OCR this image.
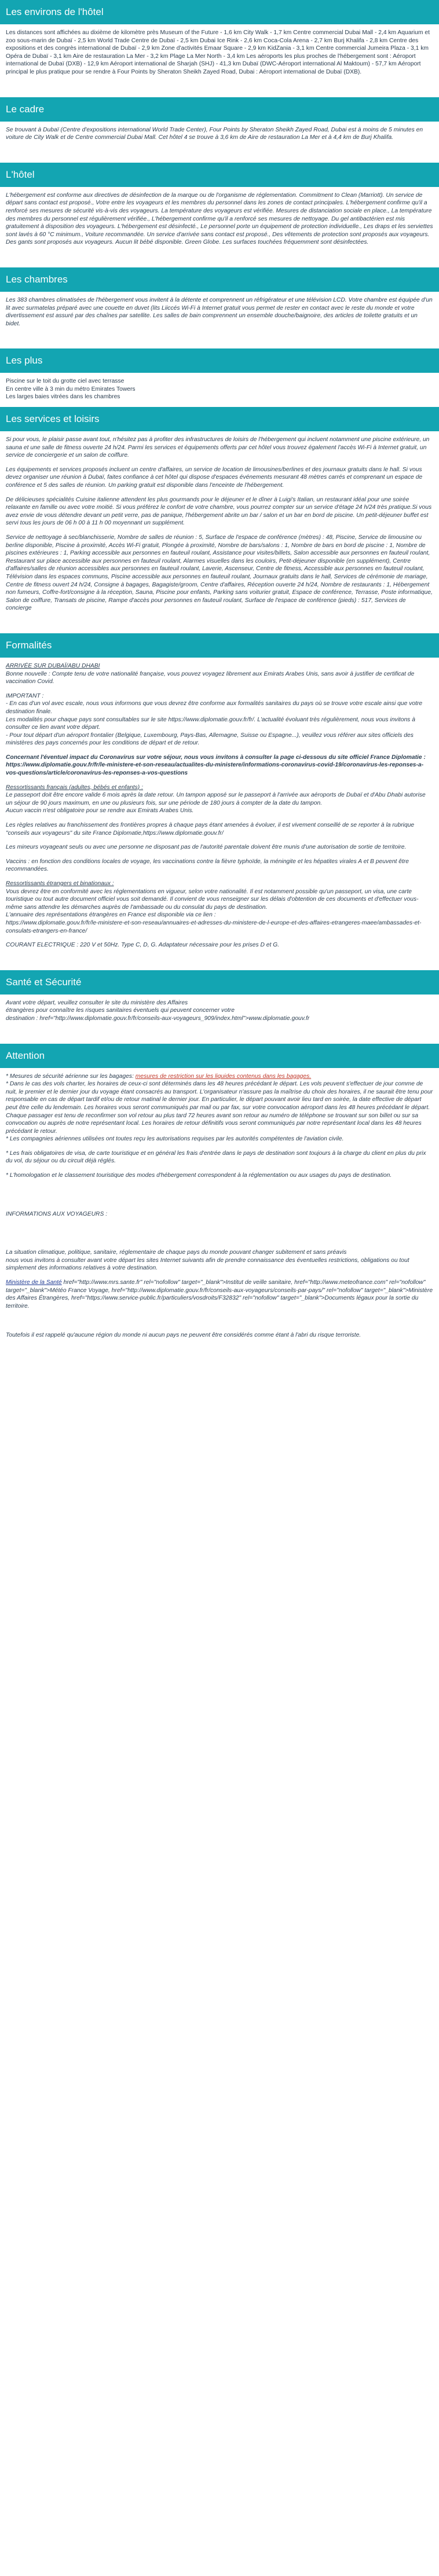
Les environs de l'hôtel

Les distances sont affichées au dixième de kilomètre près Museum of the Future - 1,6 km City Walk - 1,7 km Centre commercial Dubai Mall - 2,4 km Aquarium et zoo sous-marin de Dubaï - 2,5 km World Trade Centre de Dubaï - 2,5 km Dubai Ice Rink - 2,6 km Coca-Cola Arena - 2,7 km Burj Khalifa - 2,8 km Centre des expositions et des congrès international de Dubaï - 2,9 km Zone d'activités Emaar Square - 2,9 km KidZania - 3,1 km Centre commercial Jumeira Plaza - 3,1 km Opéra de Dubaï - 3,1 km Aire de restauration La Mer - 3,2 km Plage La Mer North - 3,4 km Les aéroports les plus proches de l'hébergement sont : Aéroport international de Dubaï (DXB) - 12,9 km Aéroport international de Sharjah (SHJ) - 41,3 km Dubaï (DWC-Aéroport international Al Maktoum) - 57,7 km Aéroport principal le plus pratique pour se rendre à Four Points by Sheraton Sheikh Zayed Road, Dubai : Aéroport international de Dubaï (DXB).

Le cadre

Se trouvant à Dubaï (Centre d'expositions international World Trade Center), Four Points by Sheraton Sheikh Zayed Road, Dubai est à moins de 5 minutes en voiture de City Walk et de Centre commercial Dubai Mall. Cet hôtel 4 se trouve à 3,6 km de Aire de restauration La Mer et à 4,4 km de Burj Khalifa.

L'hôtel

L'hébergement est conforme aux directives de désinfection de la marque ou de l'organisme de réglementation. Commitment to Clean (Marriott). Un service de départ sans contact est proposé., Votre entre les voyageurs et les membres du personnel dans les zones de contact principales. L'hébergement confirme qu'il a renforcé ses mesures de sécurité vis-à-vis des voyageurs. La température des voyageurs est vérifiée. Mesures de distanciation sociale en place., La température des membres du personnel est régulièrement vérifiée., L'hébergement confirme qu'il a renforcé ses mesures de nettoyage. Du gel antibactérien est mis gratuitement à disposition des voyageurs. L'hébergement est désinfecté., Le personnel porte un équipement de protection individuelle., Les draps et les serviettes sont lavés à 60 °C minimum., Voiture recommandée. Un service d'arrivée sans contact est proposé., Des vêtements de protection sont proposés aux voyageurs. Des gants sont proposés aux voyageurs. Aucun lit bébé disponible. Green Globe. Les surfaces touchées fréquemment sont désinfectées.

Les chambres

Les 383 chambres climatisées de l'hébergement vous invitent à la détente et comprennent un réfrigérateur et une télévision LCD. Votre chambre est équipée d'un lit avec surmatelas préparé avec une couette en duvet (lits Liiccés Wi-Fi à Internet gratuit vous permet de rester en contact avec le reste du monde et votre divertissement est assuré par des chaînes par satellite. Les salles de bain comprennent un ensemble douche/baignoire, des articles de toilette gratuits et un bidet.

Les plus
Piscine sur le toit du grotte ciel avec terrasse
En centre ville à 3 min du métro Emirates Towers
Les larges baies vitrées dans les chambres
Les services et loisirs

Si pour vous, le plaisir passe avant tout, n'hésitez pas à profiter des infrastructures de loisirs de l'hébergement qui incluent notamment une piscine extérieure, un sauna et une salle de fitness ouverte 24 h/24. Parmi les services et équipements offerts par cet hôtel vous trouvez également l'accès Wi-Fi à Internet gratuit, un service de conciergerie et un salon de coiffure.

Les équipements et services proposés incluent un centre d'affaires, un service de location de limousines/berlines et des journaux gratuits dans le hall. Si vous devez organiser une réunion à Dubaï, faites confiance à cet hôtel qui dispose d'espaces événements mesurant 48 mètres carrés et comprenant un espace de conférence et 5 des salles de réunion. Un parking gratuit est disponible dans l'enceinte de l'hébergement.

De délicieuses spécialités Cuisine italienne attendent les plus gourmands pour le déjeuner et le dîner à Luigi's Italian, un restaurant idéal pour une soirée relaxante en famille ou avec votre moitié. Si vous préférez le confort de votre chambre, vous pourrez compter sur un service d'étage 24 h/24 très pratique.Si vous avez envie de vous détendre devant un petit verre, pas de panique, l'hébergement abrite un bar / salon et un bar en bord de piscine. Un petit-déjeuner buffet est servi tous les jours de 06 h 00 à 11 h 00 moyennant un supplément.

Service de nettoyage à sec/blanchisserie, Nombre de salles de réunion : 5, Surface de l'espace de conférence (mètres) : 48, Piscine, Service de limousine ou berline disponible, Piscine à proximité, Accès Wi-Fi gratuit, Plongée à proximité, Nombre de bars/salons : 1, Nombre de bars en bord de piscine : 1, Nombre de piscines extérieures : 1, Parking accessible aux personnes en fauteuil roulant, Assistance pour visites/billets, Salon accessible aux personnes en fauteuil roulant, Restaurant sur place accessible aux personnes en fauteuil roulant, Alarmes visuelles dans les couloirs, Petit-déjeuner disponible (en supplément), Centre d'affaires/salles de réunion accessibles aux personnes en fauteuil roulant, Laverie, Ascenseur, Centre de fitness, Accessible aux personnes en fauteuil roulant, Télévision dans les espaces communs, Piscine accessible aux personnes en fauteuil roulant, Journaux gratuits dans le hall, Services de cérémonie de mariage, Centre de fitness ouvert 24 h/24, Consigne à bagages, Bagagiste/groom, Centre d'affaires, Réception ouverte 24 h/24, Nombre de restaurants : 1, Hébergement non fumeurs, Coffre-fort/consigne à la réception, Sauna, Piscine pour enfants, Parking sans voiturier gratuit, Espace de conférence, Terrasse, Poste informatique, Salon de coiffure, Transats de piscine, Rampe d'accès pour personnes en fauteuil roulant, Surface de l'espace de conférence (pieds) : 517, Services de concierge

Formalités

ARRIVÉE SUR DUBAÏ/ABU DHABI
Bonne nouvelle : Compte tenu de votre nationalité française, vous pouvez voyagez librement aux Emirats Arabes Unis, sans avoir à justifier de certificat de vaccination Covid.

IMPORTANT :
- En cas d'un vol avec escale, nous vous informons que vous devrez être conforme aux formalités sanitaires du pays où se trouve votre escale ainsi que votre destination finale.
Les modalités pour chaque pays sont consultables sur le site https://www.diplomatie.gouv.fr/fr/. L'actualité évoluant très régulièrement, nous vous invitons à consulter ce lien avant votre départ.
- Pour tout départ d'un aéroport frontalier (Belgique, Luxembourg, Pays-Bas, Allemagne, Suisse ou Espagne...), veuillez vous référer aux sites officiels des ministères des pays concernés pour les conditions de départ et de retour.

Concernant l'éventuel impact du Coronavirus sur votre séjour, nous vous invitons à consulter la page ci-dessous du site officiel France Diplomatie : https://www.diplomatie.gouv.fr/fr/le-ministere-et-son-reseau/actualites-du-ministere/informations-coronavirus-covid-19/coronavirus-les-reponses-a-vos-questions/article/coronavirus-les-reponses-a-vos-questions

Ressortissants français (adultes, bébés et enfants) :
Le passeport doit être encore valide 6 mois après la date retour. Un tampon apposé sur le passeport à l'arrivée aux aéroports de Dubaï et d'Abu Dhabi autorise un séjour de 90 jours maximum, en une ou plusieurs fois, sur une période de 180 jours à compter de la date du tampon.
Aucun vaccin n'est obligatoire pour se rendre aux Emirats Arabes Unis.

Les règles relatives au franchissement des frontières propres à chaque pays étant amenées à évoluer, il est vivement conseillé de se reporter à la rubrique "conseils aux voyageurs" du site France Diplomatie,https://www.diplomatie.gouv.fr/

Les mineurs voyageant seuls ou avec une personne ne disposant pas de l'autorité parentale doivent être munis d'une autorisation de sortie de territoire.

Vaccins : en fonction des conditions locales de voyage, les vaccinations contre la fièvre typhoïde, la méningite et les hépatites virales A et B peuvent être recommandées.

Ressortissants étrangers et binationaux :
Vous devrez être en conformité avec les réglementations en vigueur, selon votre nationalité. Il est notamment possible qu'un passeport, un visa, une carte touristique ou tout autre document officiel vous soit demandé. Il convient de vous renseigner sur les délais d'obtention de ces documents et d'effectuer vous-même sans attendre les démarches auprès de l'ambassade ou du consulat du pays de destination.
L'annuaire des représentations étrangères en France est disponible via ce lien :
https://www.diplomatie.gouv.fr/fr/le-ministere-et-son-reseau/annuaires-et-adresses-du-ministere-de-l-europe-et-des-affaires-etrangeres-maee/ambassades-et-consulats-etrangers-en-france/

COURANT ELECTRIQUE : 220 V et 50Hz. Type C, D, G. Adaptateur nécessaire pour les prises D et G.

Santé et Sécurité
Avant votre départ, veuillez consulter le site du ministère des Affaires
étrangères pour connaître les risques sanitaires éventuels qui peuvent concerner votre
destination : href="http://www.diplomatie.gouv.fr/fr/conseils-aux-voyageurs_909/index.html">www.diplomatie.gouv.fr
Attention

* Mesures de sécurité aérienne sur les bagages: mesures de restriction sur les liquides contenus dans les bagages.
* Dans le cas des vols charter, les horaires de ceux-ci sont déterminés dans les 48 heures précédant le départ. Les vols peuvent s'effectuer de jour comme de nuit, le premier et le dernier jour du voyage étant consacrés au transport. L'organisateur n'assure pas la maîtrise du choix des horaires, il ne saurait être tenu pour responsable en cas de départ tardif et/ou de retour matinal le dernier jour. En particulier, le départ pouvant avoir lieu tard en soirée, la date effective de départ peut être celle du lendemain. Les horaires vous seront communiqués par mail ou par fax, sur votre convocation aéroport dans les 48 heures précédant le départ. Chaque passager est tenu de reconfirmer son vol retour au plus tard 72 heures avant son retour au numéro de téléphone se trouvant sur son billet ou sur sa convocation ou auprès de notre représentant local. Les horaires de retour définitifs vous seront communiqués par notre représentant local dans les 48 heures précédant le retour.
* Les compagnies aériennes utilisées ont toutes reçu les autorisations requises par les autorités compétentes de l'aviation civile.

* Les frais obligatoires de visa, de carte touristique et en général les frais d'entrée dans le pays de destination sont toujours à la charge du client en plus du prix du vol, du séjour ou du circuit déjà réglés.

* L'homologation et le classement touristique des modes d'hébergement correspondent à la réglementation ou aux usages du pays de destination.

INFORMATIONS AUX VOYAGEURS :

La situation climatique, politique, sanitaire, réglementaire de chaque pays du monde pouvant changer subitement et sans préavis
nous vous invitons à consulter avant votre départ les sites Internet suivants afin de prendre connaissance des éventuelles restrictions, obligations ou tout simplement des informations relatives à votre destination.

Ministère de la Santé href="http://www.mrs.sante.fr" rel="nofollow" target="_blank">Institut de veille sanitaire, href="http://www.meteofrance.com" rel="nofollow" target="_blank">Météo France Voyage, href="http://www.diplomatie.gouv.fr/fr/conseils-aux-voyageurs/conseils-par-pays/" rel="nofollow" target="_blank">Ministère des Affaires Étrangères, href="https://www.service-public.fr/particuliers/vosdroits/F32832" rel="nofollow" target="_blank">Documents légaux pour la sortie du territoire.

Toutefois il est rappelé qu'aucune région du monde ni aucun pays ne peuvent être considérés comme étant à l'abri du risque terroriste.
